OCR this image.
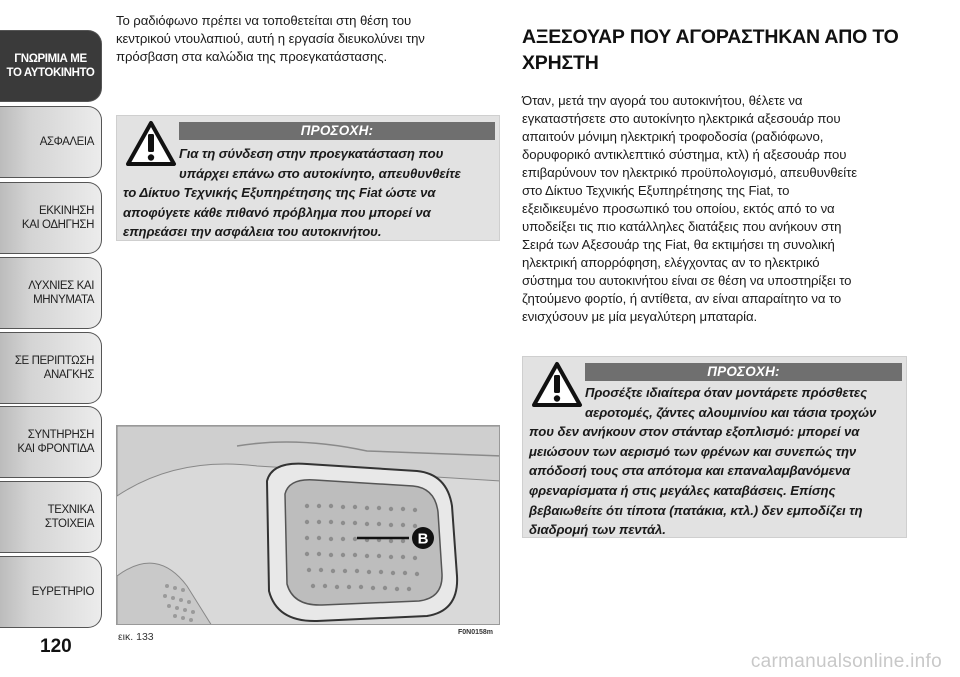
ΓΝΩΡΙΜΙΑ ΜΕ
ΤΟ ΑΥΤΟΚΙΝΗΤΟ
ΑΣΦΑΛΕΙΑ
ΕΚΚΙΝΗΣΗ
ΚΑΙ ΟΔΗΓΗΣΗ
ΛΥΧΝΙΕΣ ΚΑΙ
ΜΗΝΥΜΑΤΑ
ΣΕ ΠΕΡΙΠΤΩΣΗ
ΑΝΑΓΚΗΣ
ΣΥΝΤΗΡΗΣΗ
ΚΑΙ ΦΡΟΝΤΙΔΑ
ΤΕΧΝΙΚΑ
ΣΤΟΙΧΕΙΑ
ΕΥΡΕΤΗΡΙΟ
120
Το ραδιόφωνο πρέπει να τοποθετείται στη θέση του
κεντρικού ντουλαπιού, αυτή η εργασία διευκολύνει την
πρόσβαση στα καλώδια της προεγκατάστασης.
ΠΡΟΣΟΧΗ:
Για τη σύνδεση στην προεγκατάσταση που
υπάρχει επάνω στο αυτοκίνητο, απευθυνθείτε
το Δίκτυο Τεχνικής Εξυπηρέτησης της Fiat ώστε να
αποφύγετε κάθε πιθανό πρόβλημα που μπορεί να
επηρεάσει την ασφάλεια του αυτοκινήτου.
B
εικ. 133	F0N0158m
ΑΞΕΣΟΥΑΡ ΠΟΥ ΑΓΟΡΑΣΤΗΚΑΝ ΑΠΟ ΤΟ
ΧΡΗΣΤΗ
Όταν, μετά την αγορά του αυτοκινήτου, θέλετε να
εγκαταστήσετε στο αυτοκίνητο ηλεκτρικά αξεσουάρ που
απαιτούν μόνιμη ηλεκτρική τροφοδοσία (ραδιόφωνο,
δορυφορικό αντικλεπτικό σύστημα, κτλ) ή αξεσουάρ που
επιβαρύνουν τον ηλεκτρικό προϋπολογισμό, απευθυνθείτε
στο Δίκτυο Τεχνικής Εξυπηρέτησης της Fiat, το
εξειδικευμένο προσωπικό του οποίου, εκτός από το να
υποδείξει τις πιο κατάλληλες διατάξεις που ανήκουν στη
Σειρά των Αξεσουάρ της Fiat, θα εκτιμήσει τη συνολική
ηλεκτρική απορρόφηση, ελέγχοντας αν το ηλεκτρικό
σύστημα του αυτοκινήτου είναι σε θέση να υποστηρίξει το
ζητούμενο φορτίο, ή αντίθετα, αν είναι απαραίτητο να το
ενισχύσουν με μία μεγαλύτερη μπαταρία.
ΠΡΟΣΟΧΗ:
Προσέξτε ιδιαίτερα όταν μοντάρετε πρόσθετες
αεροτομές, ζάντες αλουμινίου και τάσια τροχών
που δεν ανήκουν στον στάνταρ εξοπλισμό: μπορεί να
μειώσουν των αερισμό των φρένων και συνεπώς την
απόδοσή τους στα απότομα και επαναλαμβανόμενα
φρεναρίσματα ή στις μεγάλες καταβάσεις. Επίσης
βεβαιωθείτε ότι τίποτα (πατάκια, κτλ.) δεν εμποδίζει τη
διαδρομή των πεντάλ.
carmanualsonline.info
